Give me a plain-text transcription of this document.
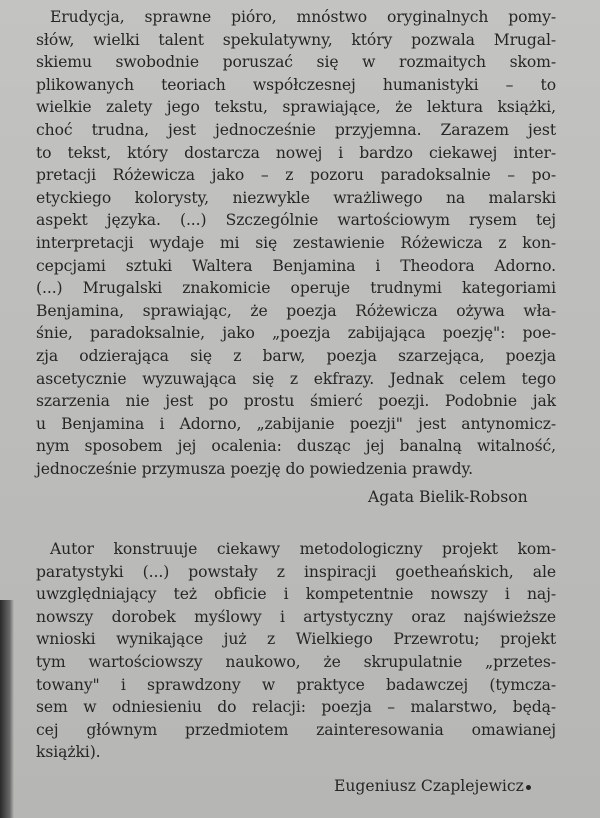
Erudycja, sprawne pióro, mnóstwo oryginalnych pomy-
słów, wielki talent spekulatywny, który pozwala Mrugal-
skiemu swobodnie poruszać się w rozmaitych skom-
plikowanych teoriach współczesnej humanistyki – to
wielkie zalety jego tekstu, sprawiające, że lektura książki,
choć trudna, jest jednocześnie przyjemna. Zarazem jest
to tekst, który dostarcza nowej i bardzo ciekawej inter-
pretacji Różewicza jako – z pozoru paradoksalnie – po-
etyckiego kolorysty, niezwykle wrażliwego na malarski
aspekt języka. (...) Szczególnie wartościowym rysem tej
interpretacji wydaje mi się zestawienie Różewicza z kon-
cepcjami sztuki Waltera Benjamina i Theodora Adorno.
(...) Mrugalski znakomicie operuje trudnymi kategoriami
Benjamina, sprawiając, że poezja Różewicza ożywa wła-
śnie, paradoksalnie, jako „poezja zabijająca poezję": poe-
zja odzierająca się z barw, poezja szarzejąca, poezja
ascetycznie wyzuwająca się z ekfrazy. Jednak celem tego
szarzenia nie jest po prostu śmierć poezji. Podobnie jak
u Benjamina i Adorno, „zabijanie poezji" jest antynomicz-
nym sposobem jej ocalenia: dusząc jej banalną witalność,
jednocześnie przymusza poezję do powiedzenia prawdy.
Agata Bielik-Robson
Autor konstruuje ciekawy metodologiczny projekt kom-
paratystyki (...) powstały z inspiracji goetheańskich, ale
uwzględniający też obficie i kompetentnie nowszy i naj-
nowszy dorobek myślowy i artystyczny oraz najświeższe
wnioski wynikające już z Wielkiego Przewrotu; projekt
tym wartościowszy naukowo, że skrupulatnie „przetes-
towany" i sprawdzony w praktyce badawczej (tymcza-
sem w odniesieniu do relacji: poezja – malarstwo, będą-
cej głównym przedmiotem zainteresowania omawianej
książki).
Eugeniusz Czaplejewicz
